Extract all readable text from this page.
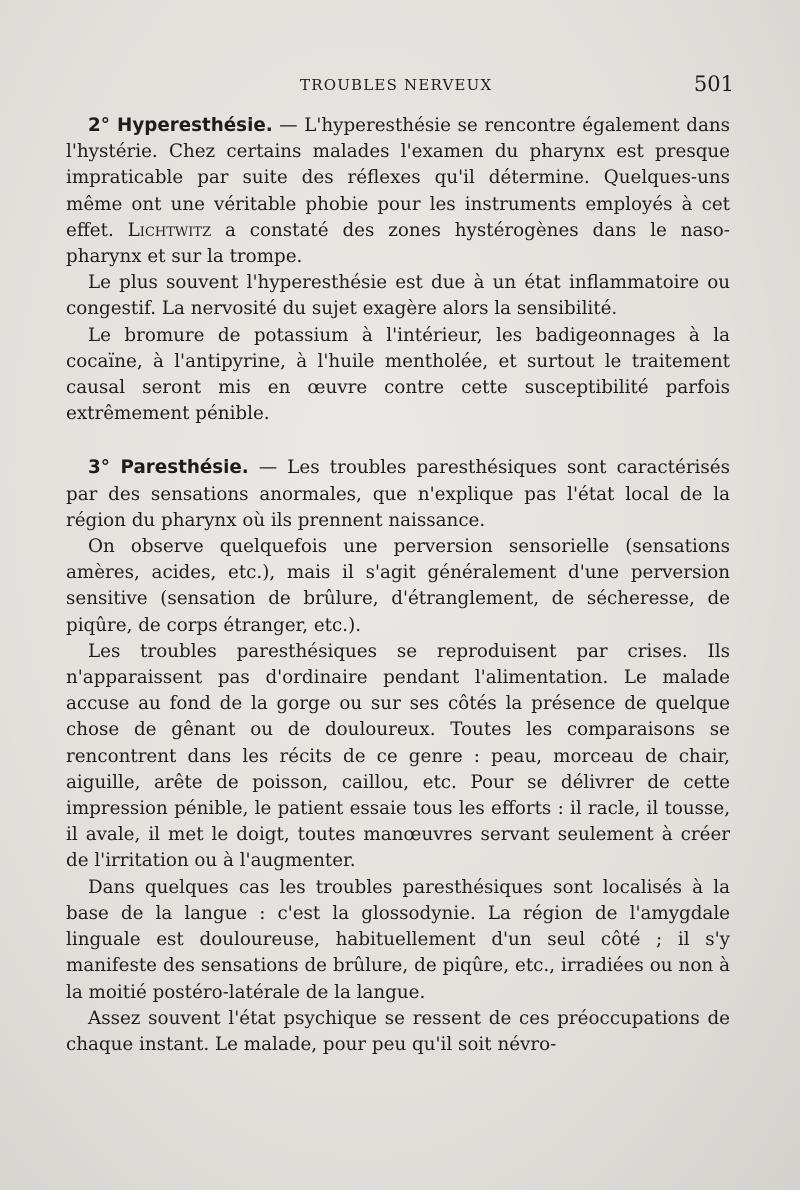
TROUBLES NERVEUX	501

2° Hyperesthésie. — L'hyperesthésie se rencontre également dans l'hystérie. Chez certains malades l'examen du pharynx est presque impraticable par suite des réflexes qu'il détermine. Quelques-uns même ont une véritable phobie pour les instruments employés à cet effet. Lichtwitz a constaté des zones hystérogènes dans le naso-pharynx et sur la trompe.

Le plus souvent l'hyperesthésie est due à un état inflammatoire ou congestif. La nervosité du sujet exagère alors la sensibilité.

Le bromure de potassium à l'intérieur, les badigeonnages à la cocaïne, à l'antipyrine, à l'huile mentholée, et surtout le traitement causal seront mis en œuvre contre cette susceptibilité parfois extrêmement pénible.

3° Paresthésie. — Les troubles paresthésiques sont caractérisés par des sensations anormales, que n'explique pas l'état local de la région du pharynx où ils prennent naissance.

On observe quelquefois une perversion sensorielle (sensations amères, acides, etc.), mais il s'agit généralement d'une perversion sensitive (sensation de brûlure, d'étranglement, de sécheresse, de piqûre, de corps étranger, etc.).

Les troubles paresthésiques se reproduisent par crises. Ils n'apparaissent pas d'ordinaire pendant l'alimentation. Le malade accuse au fond de la gorge ou sur ses côtés la présence de quelque chose de gênant ou de douloureux. Toutes les comparaisons se rencontrent dans les récits de ce genre : peau, morceau de chair, aiguille, arête de poisson, caillou, etc. Pour se délivrer de cette impression pénible, le patient essaie tous les efforts : il racle, il tousse, il avale, il met le doigt, toutes manœuvres servant seulement à créer de l'irritation ou à l'augmenter.

Dans quelques cas les troubles paresthésiques sont localisés à la base de la langue : c'est la glossodynie. La région de l'amygdale linguale est douloureuse, habituellement d'un seul côté ; il s'y manifeste des sensations de brûlure, de piqûre, etc., irradiées ou non à la moitié postéro-latérale de la langue.

Assez souvent l'état psychique se ressent de ces préoccupations de chaque instant. Le malade, pour peu qu'il soit névro-
